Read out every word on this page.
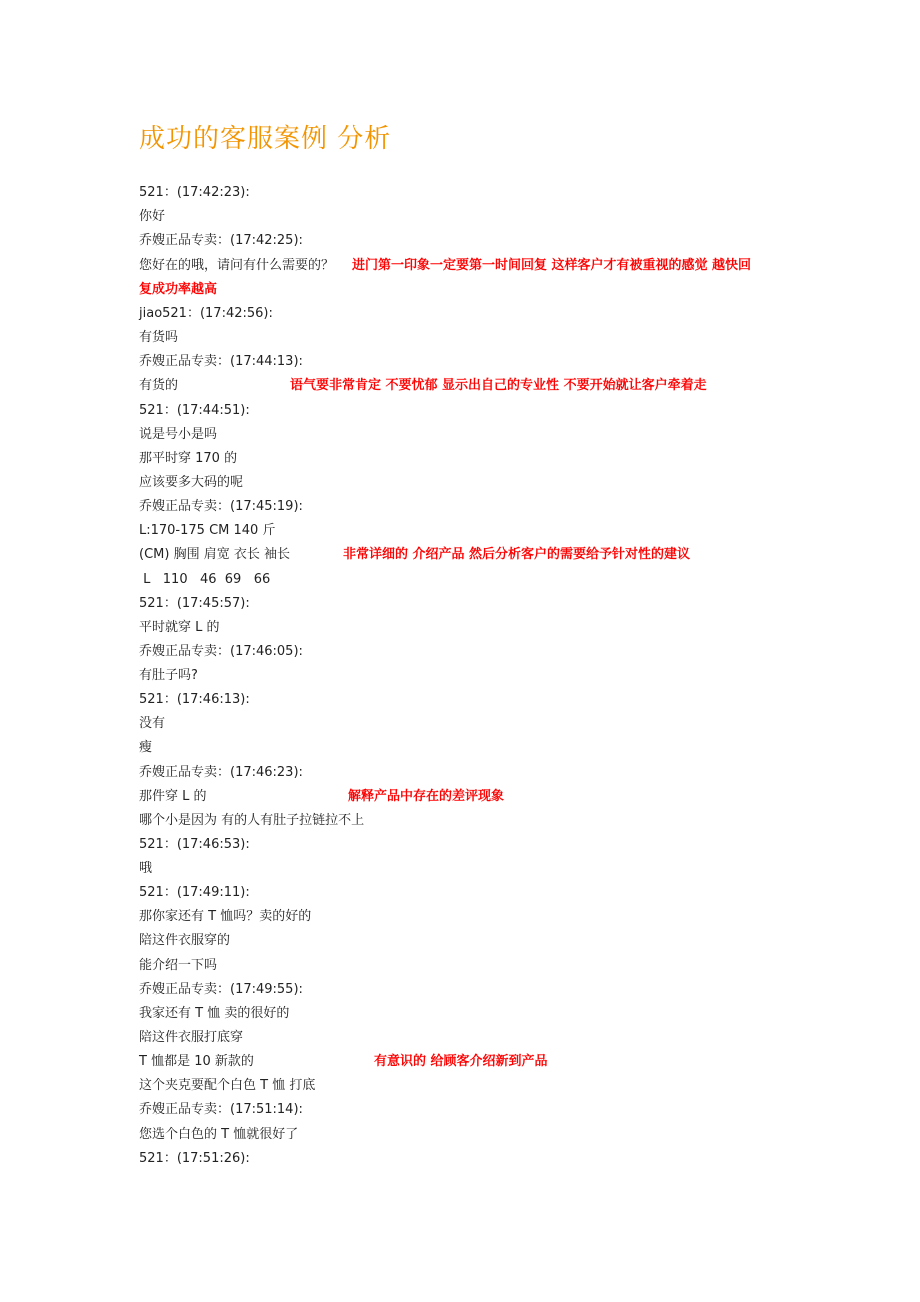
成功的客服案例 分析
521：(17:42:23):
你好
乔嫂正品专卖：(17:42:25):
您好在的哦，请问有什么需要的？ 进门第一印象一定要第一时间回复 这样客户才有被重视的感觉 越快回
复成功率越高
jiao521：(17:42:56):
有货吗
乔嫂正品专卖：(17:44:13):
有货的	语气要非常肯定 不要忧郁 显示出自己的专业性 不要开始就让客户牵着走
521：(17:44:51):
说是号小是吗
那平时穿 170 的
应该要多大码的呢
乔嫂正品专卖：(17:45:19):
L:170-175 CM 140 斤
(CM) 胸围 肩宽 衣长 袖长	非常详细的 介绍产品 然后分析客户的需要给予针对性的建议
L   110   46  69   66
521：(17:45:57):
平时就穿 L 的
乔嫂正品专卖：(17:46:05):
有肚子吗?
521：(17:46:13):
没有
瘦
乔嫂正品专卖：(17:46:23):
那件穿 L 的	解释产品中存在的差评现象
哪个小是因为 有的人有肚子拉链拉不上
521：(17:46:53):
哦
521：(17:49:11):
那你家还有 T 恤吗？卖的好的
陪这件衣服穿的
能介绍一下吗
乔嫂正品专卖：(17:49:55):
我家还有 T 恤 卖的很好的
陪这件衣服打底穿
T 恤都是 10 新款的	有意识的 给顾客介绍新到产品
这个夹克要配个白色 T 恤 打底
乔嫂正品专卖：(17:51:14):
您选个白色的 T 恤就很好了
521：(17:51:26):
